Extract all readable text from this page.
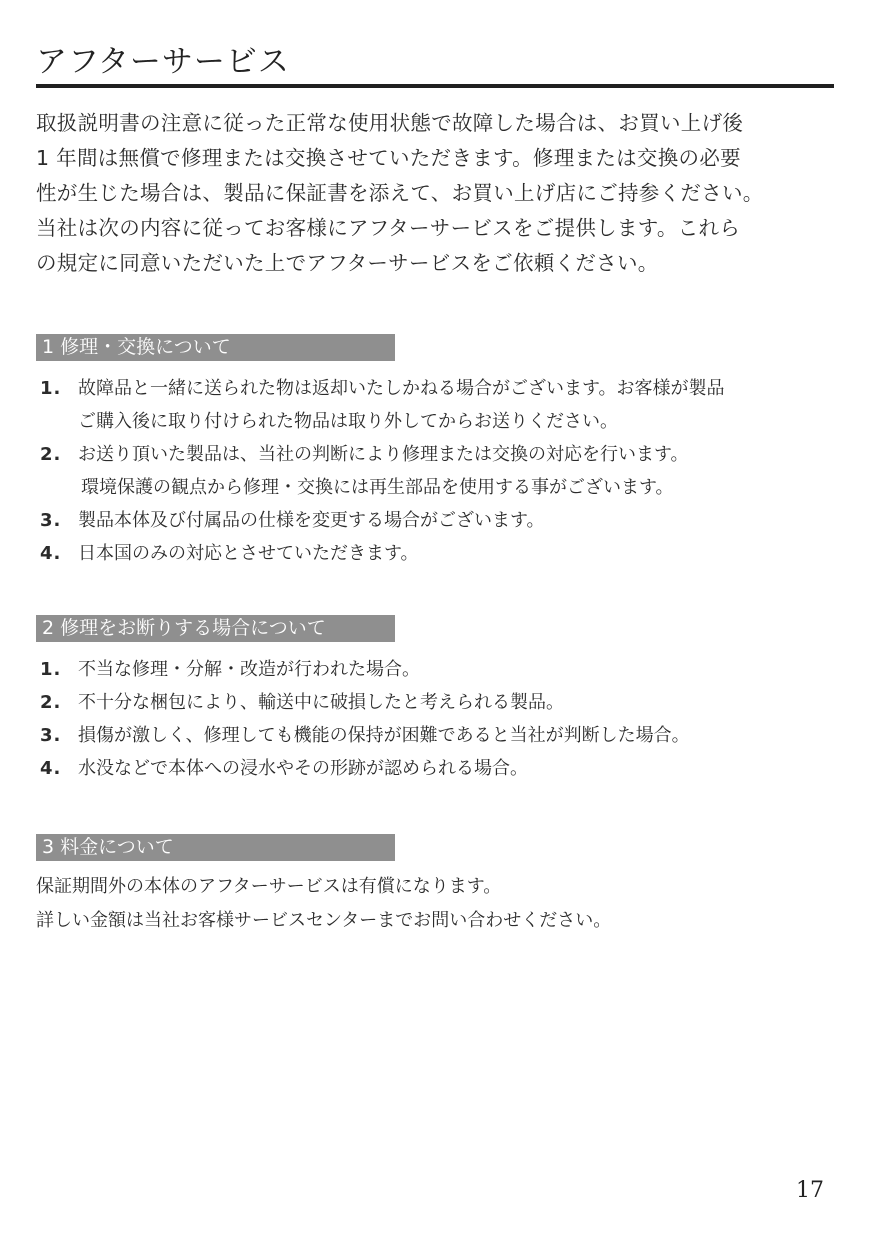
アフターサービス
取扱説明書の注意に従った正常な使用状態で故障した場合は、お買い上げ後
1 年間は無償で修理または交換させていただきます。修理または交換の必要
性が生じた場合は、製品に保証書を添えて、お買い上げ店にご持参ください。
当社は次の内容に従ってお客様にアフターサービスをご提供します。これら
の規定に同意いただいた上でアフターサービスをご依頼ください。
1 修理・交換について
1. 故障品と一緒に送られた物は返却いたしかねる場合がございます。お客様が製品
ご購入後に取り付けられた物品は取り外してからお送りください。
2. お送り頂いた製品は、当社の判断により修理または交換の対応を行います。
環境保護の観点から修理・交換には再生部品を使用する事がございます。
3. 製品本体及び付属品の仕様を変更する場合がございます。
4. 日本国のみの対応とさせていただきます。
2 修理をお断りする場合について
1. 不当な修理・分解・改造が行われた場合。
2. 不十分な梱包により、輸送中に破損したと考えられる製品。
3. 損傷が激しく、修理しても機能の保持が困難であると当社が判断した場合。
4. 水没などで本体への浸水やその形跡が認められる場合。
3 料金について
保証期間外の本体のアフターサービスは有償になります。
詳しい金額は当社お客様サービスセンターまでお問い合わせください。
17
